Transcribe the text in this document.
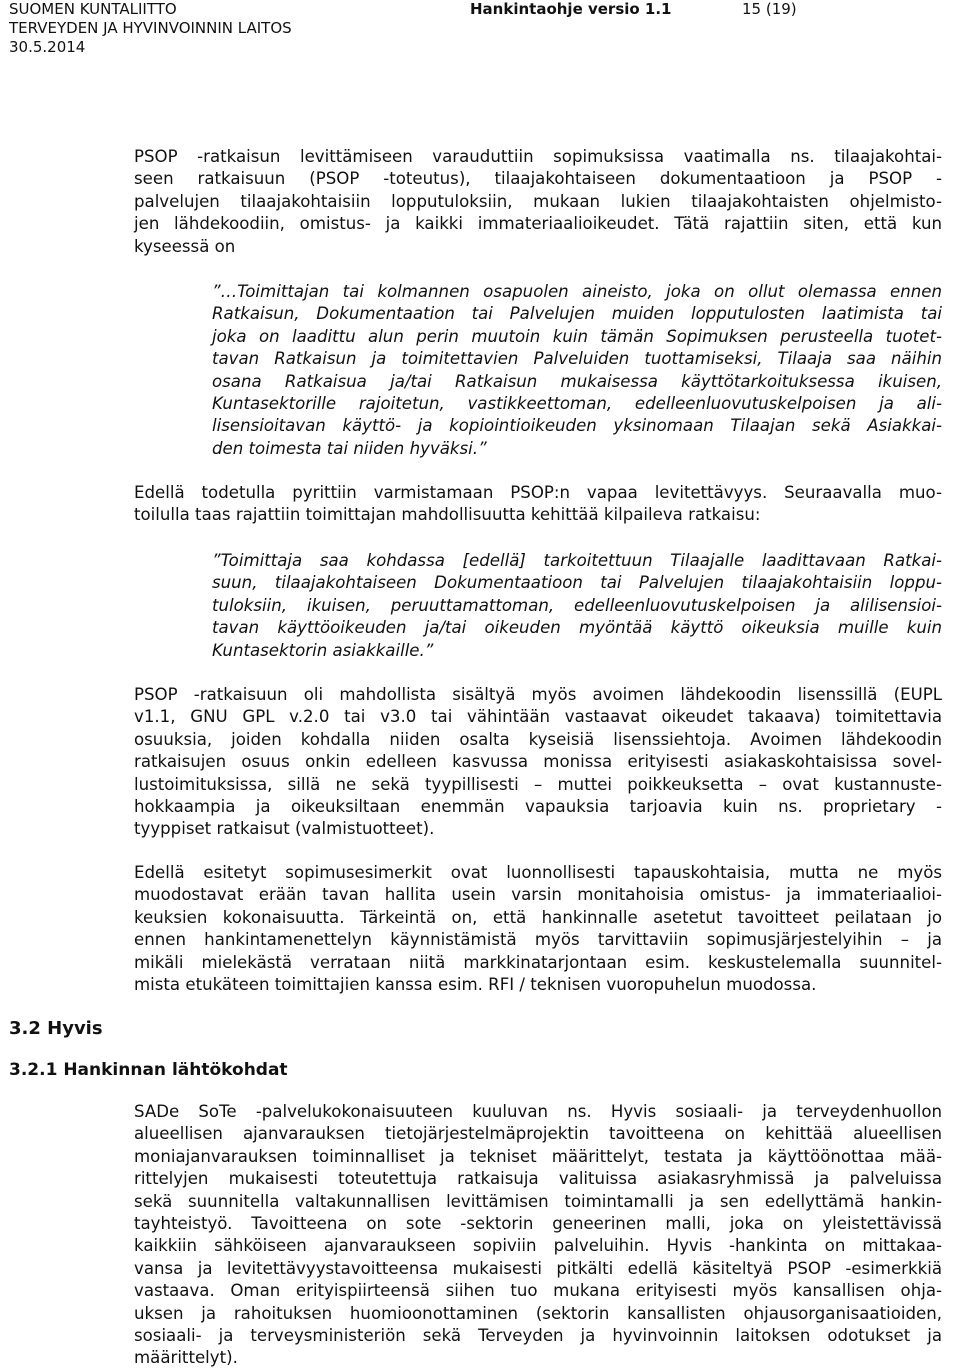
SUOMEN KUNTALIITTO
TERVEYDEN JA HYVINVOINNIN LAITOS
30.5.2014
Hankintaohje versio 1.1	15 (19)

PSOP -ratkaisun levittämiseen varauduttiin sopimuksissa vaatimalla ns. tilaajakohtai-
seen ratkaisuun (PSOP -toteutus), tilaajakohtaiseen dokumentaatioon ja PSOP -
palvelujen tilaajakohtaisiin lopputuloksiin, mukaan lukien tilaajakohtaisten ohjelmisto-
jen lähdekoodiin, omistus- ja kaikki immateriaalioikeudet. Tätä rajattiin siten, että kun
kyseessä on

”…Toimittajan tai kolmannen osapuolen aineisto, joka on ollut olemassa ennen
Ratkaisun, Dokumentaation tai Palvelujen muiden lopputulosten laatimista tai
joka on laadittu alun perin muutoin kuin tämän Sopimuksen perusteella tuotet-
tavan Ratkaisun ja toimitettavien Palveluiden tuottamiseksi, Tilaaja saa näihin
osana Ratkaisua ja/tai Ratkaisun mukaisessa käyttötarkoituksessa ikuisen,
Kuntasektorille rajoitetun, vastikkeettoman, edelleenluovutuskelpoisen ja ali-
lisensioitavan käyttö- ja kopiointioikeuden yksinomaan Tilaajan sekä Asiakkai-
den toimesta tai niiden hyväksi.”

Edellä todetulla pyrittiin varmistamaan PSOP:n vapaa levitettävyys. Seuraavalla muo-
toilulla taas rajattiin toimittajan mahdollisuutta kehittää kilpaileva ratkaisu:

”Toimittaja saa kohdassa [edellä] tarkoitettuun Tilaajalle laadittavaan Ratkai-
suun, tilaajakohtaiseen Dokumentaatioon tai Palvelujen tilaajakohtaisiin loppu-
tuloksiin, ikuisen, peruuttamattoman, edelleenluovutuskelpoisen ja alilisensioi-
tavan käyttöoikeuden ja/tai oikeuden myöntää käyttö oikeuksia muille kuin
Kuntasektorin asiakkaille.”

PSOP -ratkaisuun oli mahdollista sisältyä myös avoimen lähdekoodin lisenssillä (EUPL
v1.1, GNU GPL v.2.0 tai v3.0 tai vähintään vastaavat oikeudet takaava) toimitettavia
osuuksia, joiden kohdalla niiden osalta kyseisiä lisenssiehtoja. Avoimen lähdekoodin
ratkaisujen osuus onkin edelleen kasvussa monissa erityisesti asiakaskohtaisissa sovel-
lustoimituksissa, sillä ne sekä tyypillisesti – muttei poikkeuksetta – ovat kustannuste-
hokkaampia ja oikeuksiltaan enemmän vapauksia tarjoavia kuin ns. proprietary -
tyyppiset ratkaisut (valmistuotteet).

Edellä esitetyt sopimusesimerkit ovat luonnollisesti tapauskohtaisia, mutta ne myös
muodostavat erään tavan hallita usein varsin monitahoisia omistus- ja immateriaalioi-
keuksien kokonaisuutta. Tärkeintä on, että hankinnalle asetetut tavoitteet peilataan jo
ennen hankintamenettelyn käynnistämistä myös tarvittaviin sopimusjärjestelyihin – ja
mikäli mielekästä verrataan niitä markkinatarjontaan esim. keskustelemalla suunnitel-
mista etukäteen toimittajien kanssa esim. RFI / teknisen vuoropuhelun muodossa.

3.2 Hyvis
3.2.1 Hankinnan lähtökohdat

SADe SoTe -palvelukokonaisuuteen kuuluvan ns. Hyvis sosiaali- ja terveydenhuollon
alueellisen ajanvarauksen tietojärjestelmäprojektin tavoitteena on kehittää alueellisen
moniajanvarauksen toiminnalliset ja tekniset määrittelyt, testata ja käyttöönottaa mää-
rittelyjen mukaisesti toteutettuja ratkaisuja valituissa asiakasryhmissä ja palveluissa
sekä suunnitella valtakunnallisen levittämisen toimintamalli ja sen edellyttämä hankin-
tayhteistyö. Tavoitteena on sote -sektorin geneerinen malli, joka on yleistettävissä
kaikkiin sähköiseen ajanvaraukseen sopiviin palveluihin. Hyvis -hankinta on mittakaa-
vansa ja levitettävyystavoitteensa mukaisesti pitkälti edellä käsiteltyä PSOP -esimerkkiä
vastaava. Oman erityispiirteensä siihen tuo mukana erityisesti myös kansallisen ohja-
uksen ja rahoituksen huomioonottaminen (sektorin kansallisten ohjausorganisaatioiden,
sosiaali- ja terveysministeriön sekä Terveyden ja hyvinvoinnin laitoksen odotukset ja
määrittelyt).
